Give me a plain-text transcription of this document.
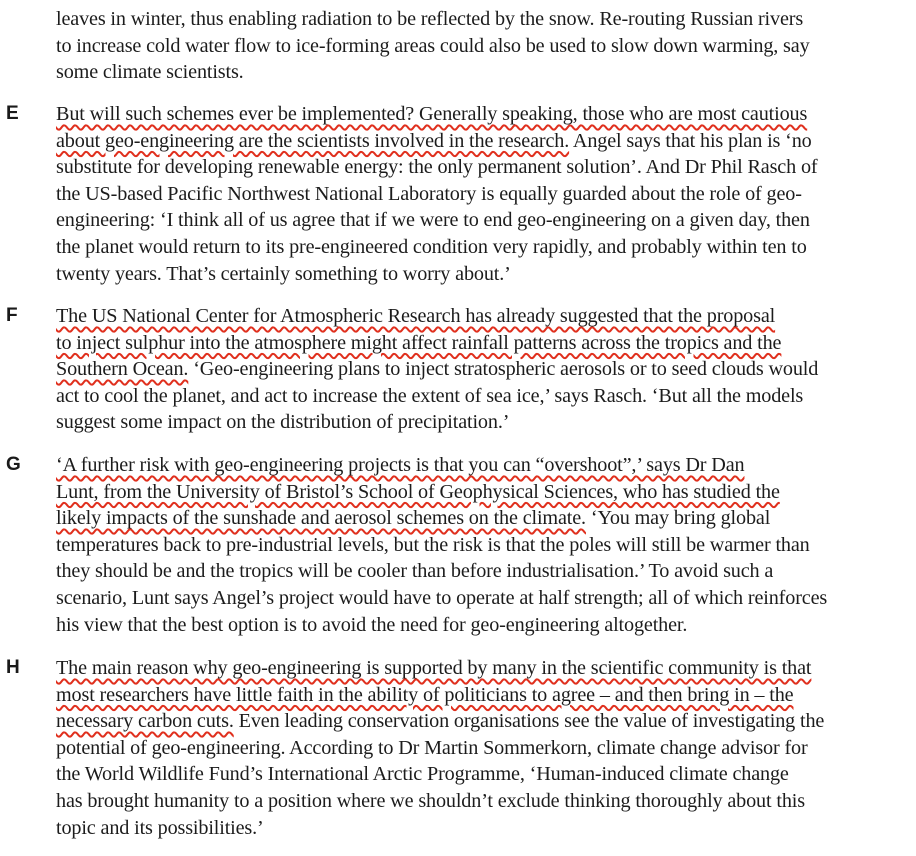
leaves in winter, thus enabling radiation to be reflected by the snow. Re-routing Russian rivers
to increase cold water flow to ice-forming areas could also be used to slow down warming, say
some climate scientists.
E But will such schemes ever be implemented? Generally speaking, those who are most cautious
about geo-engineering are the scientists involved in the research. Angel says that his plan is ‘no
substitute for developing renewable energy: the only permanent solution’. And Dr Phil Rasch of
the US-based Pacific Northwest National Laboratory is equally guarded about the role of geo-
engineering: ‘I think all of us agree that if we were to end geo-engineering on a given day, then
the planet would return to its pre-engineered condition very rapidly, and probably within ten to
twenty years. That’s certainly something to worry about.’
F The US National Center for Atmospheric Research has already suggested that the proposal
to inject sulphur into the atmosphere might affect rainfall patterns across the tropics and the
Southern Ocean. ‘Geo-engineering plans to inject stratospheric aerosols or to seed clouds would
act to cool the planet, and act to increase the extent of sea ice,’ says Rasch. ‘But all the models
suggest some impact on the distribution of precipitation.’
G ‘A further risk with geo-engineering projects is that you can “overshoot”,’ says Dr Dan
Lunt, from the University of Bristol’s School of Geophysical Sciences, who has studied the
likely impacts of the sunshade and aerosol schemes on the climate. ‘You may bring global
temperatures back to pre-industrial levels, but the risk is that the poles will still be warmer than
they should be and the tropics will be cooler than before industrialisation.’ To avoid such a
scenario, Lunt says Angel’s project would have to operate at half strength; all of which reinforces
his view that the best option is to avoid the need for geo-engineering altogether.
H The main reason why geo-engineering is supported by many in the scientific community is that
most researchers have little faith in the ability of politicians to agree – and then bring in – the
necessary carbon cuts. Even leading conservation organisations see the value of investigating the
potential of geo-engineering. According to Dr Martin Sommerkorn, climate change advisor for
the World Wildlife Fund’s International Arctic Programme, ‘Human-induced climate change
has brought humanity to a position where we shouldn’t exclude thinking thoroughly about this
topic and its possibilities.’
